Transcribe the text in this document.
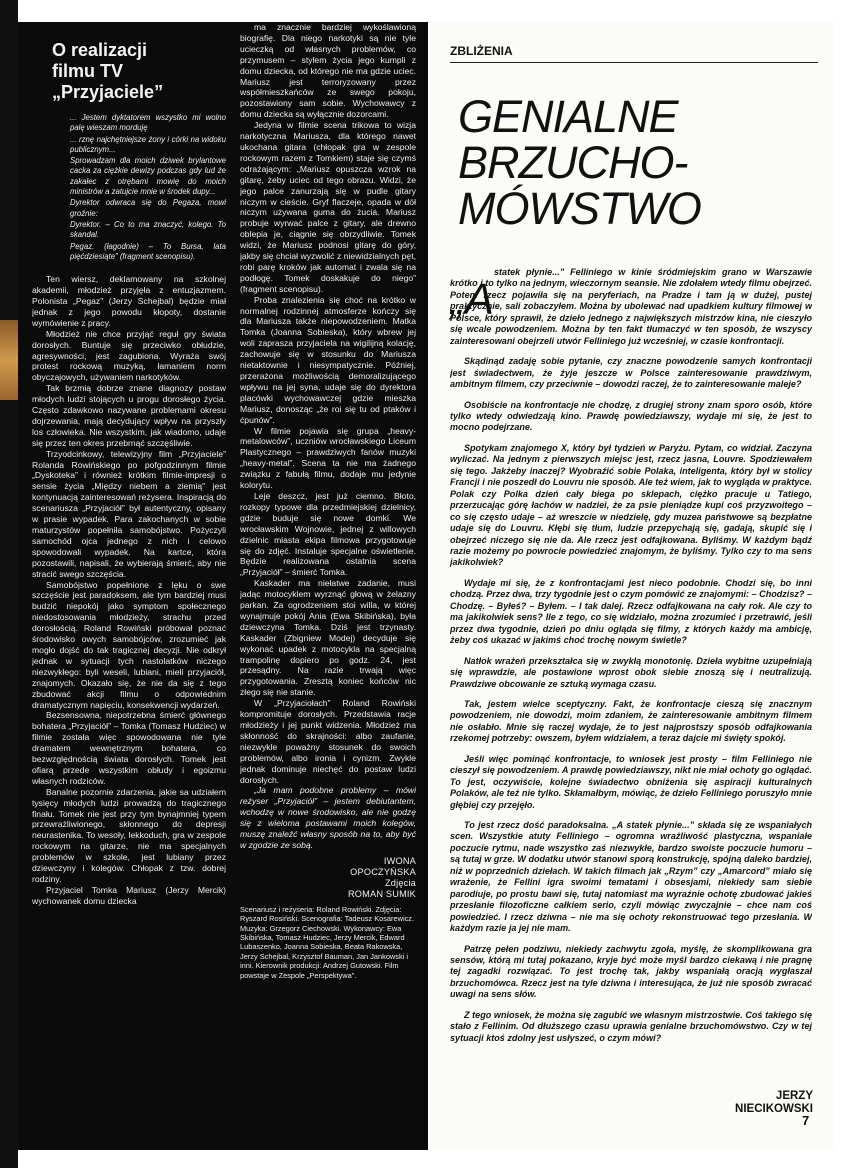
O realizacji
filmu TV
„Przyjaciele”

... Jestem dyktatorem wszystko mi wolno palę wieszam morduję

... rznę najchętniejsze żony i córki na widoku publicznym...

Sprowadzam dla moich dziwek brylantowe cacka za ciężkie dewizy podczas gdy lud że zakałec z otrębami mowię do moich ministrów a zatujcie mnie w środek dupy...

Dyrektor odwraca się do Pegaza, mowi groźnie:

Dyrektor. – Co to ma znaczyć, kolego. To skandal.

Pegaz. (łagodnie) – To Bursa, lata pięćdziesiąte” (fragment scenopisu).

Ten wiersz, deklamowany na szkolnej akademii, młodzież przyjęła z entuzjazmem. Polonista „Pegaz” (Jerzy Schejbal) będzie miał jednak z jego powodu kłopoty, dostanie wymówienie z pracy.

Młodzież nie chce przyjąć reguł gry świata dorosłych. Buntuje się przeciwko obłudzie, agresywności, jest zagubiona. Wyraża swój protest rockową muzyką, łamaniem norm obyczajowych, używaniem narkotyków.

Tak brzmią dobrze znane diagnozy postaw młodych ludzi stojących u progu dorosłego życia. Często zdawkowo nazywane problemami okresu dojrzewania, mają decydujący wpływ na przyszły los człowieka. Nie wszystkim, jak wiadomo, udaje się przez ten okres przebrnąć szczęśliwie.

Trzyodcinkowy, telewizyjny film „Przyjaciele” Rolanda Rowińskiego po pofgodzinnym filmie „Dyskoteka” i również krótkim filmie-impresji o sensie życia „Między niebem a ziemią” jest kontynuacją zainteresowań reżysera. Inspiracją do scenariusza „Przyjaciół” był autentyczny, opisany w prasie wypadek. Para zakochanych w sobie maturzystów popełniła samobójstwo. Pożyczyli samochód ojca jednego z nich i celowo spowodowali wypadek. Na kartce, która pozostawili, napisali, że wybierają śmierć, aby nie stracić swego szczęścia.

Samobójstwo popełnione z lęku o swe szczęście jest paradoksem, ale tym bardziej musi budzić niepokój jako symptom społecznego niedostosowania młodzieży, strachu przed dorosłością. Roland Rowiński próbował poznać środowisko owych samobójców, zrozumieć jak mogło dojść do tak tragicznej decyzji. Nie odkrył jednak w sytuacji tych nastolatków niczego niezwykłego: byli weseli, lubiani, mieli przyjaciół, znajomych. Okazało się, że nie da się z tego zbudować akcji filmu o odpowiednim dramatycznym napięciu, konsekwencji wydarzeń.

Bezsensowna, niepotrzebna śmierć głównego bohatera „Przyjaciół” – Tomka (Tomasz Hudziec) w filmie została więc spowodowana nie tyle dramatem wewnętrznym bohatera, co bezwzględnością świata dorosłych. Tomek jest ofiarą przede wszystkim obłudy i egoizmu własnych rodziców.

Banalne pozornie zdarzenia, jakie sa udziałem tysięcy młodych ludzi prowadzą do tragicznego finału. Tomek nie jest przy tym bynajmniej typem przewrażliwionego, skłonnego do depresji neurastenika. To wesoły, lekkoduch, gra w zespole rockowym na gitarze, nie ma specjalnych problemów w szkole, jest lubiany przez dziewczyny i kolegów. Chłopak z tzw. dobrej rodziny.

Przyjaciel Tomka Mariusz (Jerzy Mercik) wychowanek domu dziecka

ma znacznie bardziej wykoślawioną biografię. Dla niego narkotyki są nie tyle ucieczką od własnych problemów, co przymusem – stylem życia jego kumpli z domu dziecka, od którego nie ma gdzie uciec. Mariusz jest terroryzowany przez współmieszkańców ze swego pokoju, pozostawiony sam sobie. Wychowawcy z domu dziecka są wyłącznie dozorcami.

Jedyna w filmie scena trikowa to wizja narkotyczna Mariusza, dla którego nawet ukochana gitara (chłopak gra w zespole rockowym razem z Tomkiem) staje się czymś odrażającym: „Mariusz opuszcza wzrok na gitarę, żeby uciec od tego obrazu. Widzi, że jego palce zanurzają się w pudle gitary niczym w cieście. Gryf flaczeje, opada w dół niczym używana guma do żucia. Mariusz probuje wyrwać palce z gitary, ale drewno oblepia je, ciągnie się obrzydliwie. Tomek widzi, że Mariusz podnosi gitarę do góry, jakby się chciał wyzwolić z niewidzialnych pęt, robi parę kroków jak automat i zwala się na podłogę. Tomek doskakuje do niego” (fragment scenopisu).

Proba znalezienia się choć na krótko w normalnej rodzinnej atmosferze kończy się dla Mariusza także niepowodzeniem. Matka Tomka (Joanna Sobieska), który wbrew jej woli zaprasza przyjaciela na wigilijną kolację, zachowuje się w stosunku do Mariusza nietaktownie i niesympatycznie. Później, przerażona możliwością demoralizującego wpływu na jej syna, udaje się do dyrektora placówki wychowawczej gdzie mieszka Mariusz, donosząc „że roi się tu od ptaków i ćpunów”.

W filmie pojawia się grupa „heavy-metalowców”, uczniów wrocławskiego Liceum Plastycznego – prawdziwych fanów muzyki „heavy-metal”. Scena ta nie ma żadnego związku z fabułą filmu, dodaje mu jedynie kolorytu.

Leje deszcz, jest już ciemno. Błoto, rozkopy typowe dla przedmiejskiej dzielnicy, gdzie buduje się nowe domki. We wrocławskim Wojnowie, jednej z willowych dzielnic miasta ekipa filmowa przygotowuje się do zdjęć. Instaluje specjalne oświetlenie. Będzie realizowana ostatnia scena „Przyjaciół” – śmierć Tomka.

Kaskader ma niełatwe zadanie, musi jadąc motocyklem wyrznąć głową w żelazny parkan. Za ogrodzeniem stoi willa, w której wynajmuje pokój Ania (Ewa Skibińska), była dziewczyna Tomka. Dziś jest trzynasty. Kaskader (Zbigniew Modej) decyduje się wykonać upadek z motocykla na specjalną trampolinę dopiero po godz. 24, jest przesądny. Na razie trwają więc przygotowania. Zresztą koniec końców nic złego się nie stanie.

W „Przyjaciołach” Roland Rowiński kompromituje dorosłych. Przedstawia racje młodzieży i jej punkt widzenia. Młodzież ma skłonność do skrajności: albo zaufanie, niezwykle poważny stosunek do swoich problemów, albo ironia i cynizm. Zwykle jednak dominuje niechęć do postaw ludzi dorosłych.

„Ja mam podobne problemy – mówi reżyser „Przyjaciół” – jestem debiutantem, wchodzę w nowe środowisko, ale nie godzę się z wieloma postawami moich kolegów, muszę znaleźć własny sposób na to, aby być w zgodzie ze sobą.

IWONA
OPOCZYŃSKA
Zdjęcia
ROMAN SUMIK
Scenariusz i reżyseria: Roland Rowiński. Zdjęcia: Ryszard Rosiński. Scenografia: Tadeusz Kosarewicz. Muzyka: Grzegorz Ciechowski. Wykonawcy: Ewa Skibińska, Tomasz Hudziec, Jerzy Mercik, Edward Lubaszenko, Joanna Sobieska, Beata Rakowska, Jerzy Schejbal, Krzysztof Bauman, Jan Jankowski i inni. Kierownik produkcji: Andrzej Gutowski. Film powstaje w Zespole „Perspektywa”.
ZBLIŻENIA
GENIALNE
BRZUCHO-
MÓWSTWO

statek płynie...” Felliniego w kinie śródmiejskim grano w Warszawie krótko i to tylko na jednym, wieczornym seansie. Nie zdołałem wtedy filmu obejrzeć. Potem rzecz pojawiła się na peryferiach, na Pradze i tam ją w dużej, pustej praktycznie, sali zobaczyłem. Można by ubolewać nad upadkiem kultury filmowej w Polsce, który sprawił, że dzieło jednego z największych mistrzów kina, nie cieszyło się wcale powodzeniem. Można by ten fakt tłumaczyć w ten sposób, że wszyscy zainteresowani obejrzeli utwór Felliniego już wcześniej, w czasie konfrontacji.

Skądinąd zadaję sobie pytanie, czy znaczne powodzenie samych konfrontacji jest świadectwem, że żyje jeszcze w Polsce zainteresowanie prawdziwym, ambitnym filmem, czy przeciwnie – dowodzi raczej, że to zainteresowanie maleje?

Osobiście na konfrontacje nie chodzę, z drugiej strony znam sporo osób, które tylko wtedy odwiedzają kino. Prawdę powiedziawszy, wydaje mi się, że jest to mocno podejrzane.

Spotykam znajomego X, który był tydzień w Paryżu. Pytam, co widział. Zaczyna wyliczać. Na jednym z pierwszych miejsc jest, rzecz jasna, Louvre. Spodziewałem się tego. Jakżeby inaczej? Wyobraźić sobie Polaka, inteligenta, który był w stolicy Francji i nie poszedł do Louvru nie sposób. Ale też wiem, jak to wygląda w praktyce. Polak czy Polka dzień cały biega po sklepach, ciężko pracuje u Tatiego, przerzucając górę łachów w nadziei, że za psie pieniądze kupi coś przyzwoitego – co się często udaje – aż wreszcie w niedzielę, gdy muzea państwowe są bezpłatne udaje się do Louvru. Kłębi się tłum, ludzie przepychają się, gadają, skupić się i obejrzeć niczego się nie da. Ale rzecz jest odfajkowana. Byliśmy. W każdym bądź razie możemy po powrocie powiedzieć znajomym, że byliśmy. Tylko czy to ma sens jakikolwiek?

Wydaje mi się, że z konfrontacjami jest nieco podobnie. Chodzi się, bo inni chodzą. Przez dwa, trzy tygodnie jest o czym pomówić ze znajomymi: – Chodzisz? – Chodzę. – Byłeś? – Byłem. – I tak dalej. Rzecz odfajkowana na cały rok. Ale czy to ma jakikolwiek sens? Ile z tego, co się widziało, można zrozumieć i przetrawić, jeśli przez dwa tygodnie, dzień po dniu ogląda się filmy, z których każdy ma ambicję, żeby coś ukazać w jakimś choć trochę nowym świetle?

Natłok wrażeń przekształca się w zwykłą monotonię. Dzieła wybitne uzupełniają się wprawdzie, ale postawione wprost obok siebie znoszą się i neutralizują. Prawdziwe obcowanie ze sztuką wymaga czasu.

Tak, jestem wielce sceptyczny. Fakt, że konfrontacje cieszą się znacznym powodzeniem, nie dowodzi, moim zdaniem, że zainteresowanie ambitnym filmem nie osłabło. Mnie się raczej wydaje, że to jest najprostszy sposób odfajkowania rzekomej potrzeby: owszem, byłem widziałem, a teraz dajcie mi święty spokój.

Jeśli więc pominąć konfrontacje, to wniosek jest prosty – film Felliniego nie cieszył się powodzeniem. A prawdę powiedziawszy, nikt nie miał ochoty go oglądać. To jest, oczywiście, kolejne świadectwo obniżenia się aspiracji kulturalnych Polaków, ale też nie tylko. Skłamałbym, mówiąc, że dzieło Felliniego poruszyło mnie głębiej czy przejęło.

To jest rzecz dość paradoksalna. „A statek płynie...” składa się ze wspaniałych scen. Wszystkie atuty Felliniego – ogromna wrażliwość plastyczna, wspaniałe poczucie rytmu, nade wszystko zaś niezwykłe, bardzo swoiste poczucie humoru – są tutaj w grze. W dodatku utwór stanowi sporą konstrukcję, spójną daleko bardziej, niż w poprzednich dziełach. W takich filmach jak „Rzym” czy „Amarcord” miało się wrażenie, że Fellini igra swoimi tematami i obsesjami, niekiedy sam siebie parodiuje, po prostu bawi się, tutaj natomiast ma wyraźnie ochotę zbudować jakieś przesłanie filozoficzne całkiem serio, czyli mówiąc zwyczajnie – chce nam coś powiedzieć. I rzecz dziwna – nie ma się ochoty rekonstruować tego przesłania. W każdym razie ja jej nie mam.

Patrzę pełen podziwu, niekiedy zachwytu zgoła, myślę, że skomplikowana gra sensów, którą mi tutaj pokazano, kryje być może myśl bardzo ciekawą i nie pragnę tej zagadki rozwiązać. To jest trochę tak, jakby wspaniałą oracją wygłaszał brzuchomówca. Rzecz jest na tyle dziwna i interesująca, że już nie sposób zwracać uwagi na sens słów.

Z tego wniosek, że można się zagubić we własnym mistrzostwie. Coś takiego się stało z Fellinim. Od dłuższego czasu uprawia genialne brzuchomówstwo. Czy w tej sytuacji ktoś zdolny jest usłyszeć, o czym mówi?

„A
JERZY
NIECIKOWSKI
7
